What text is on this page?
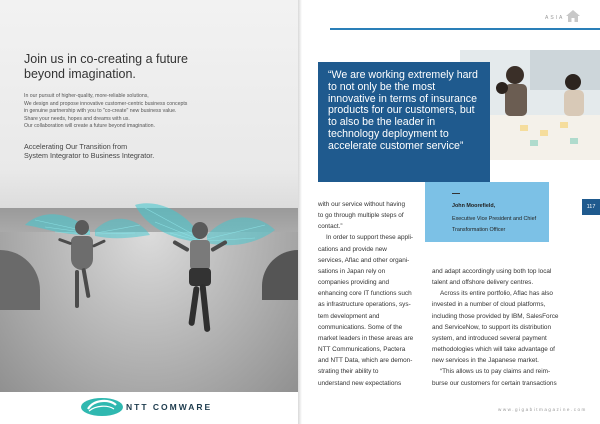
Join us in co-creating a future
beyond imagination.

In our pursuit of higher-quality, more-reliable solutions,

We design and propose innovative customer-centric business concepts

in genuine partnership with you to "co-create" new business value.

Share your needs, hopes and dreams with us.

Our collaboration will create a future beyond imagination.

Accelerating Our Transition from

System Integrator to Business Integrator.

NTT COMWARE
ASIA

“We are working extremely hard to not only be the most innovative in terms of insurance products for our customers, but to also be the leader in technology deployment to accelerate customer service”

John Moorefield,
Executive Vice President and Chief Transformation Officer
117

with our service without having

to go through multiple steps of

contact.”

In order to support these appli-

cations and provide new

services, Aflac and other organi-

sations in Japan rely on

companies providing and

enhancing core IT functions such

as infrastructure operations, sys-

tem development and

communications. Some of the

market leaders in these areas are

NTT Communications, Pactera

and NTT Data, which are demon-

strating their ability to

understand new expectations

and adapt accordingly using both top local

talent and offshore delivery centres.

Across its entire portfolio, Aflac has also

invested in a number of cloud platforms,

including those provided by IBM, SalesForce

and ServiceNow, to support its distribution

system, and introduced several payment

methodologies which will take advantage of

new services in the Japanese market.

“This allows us to pay claims and reim-

burse our customers for certain transactions

www.gigabitmagazine.com
